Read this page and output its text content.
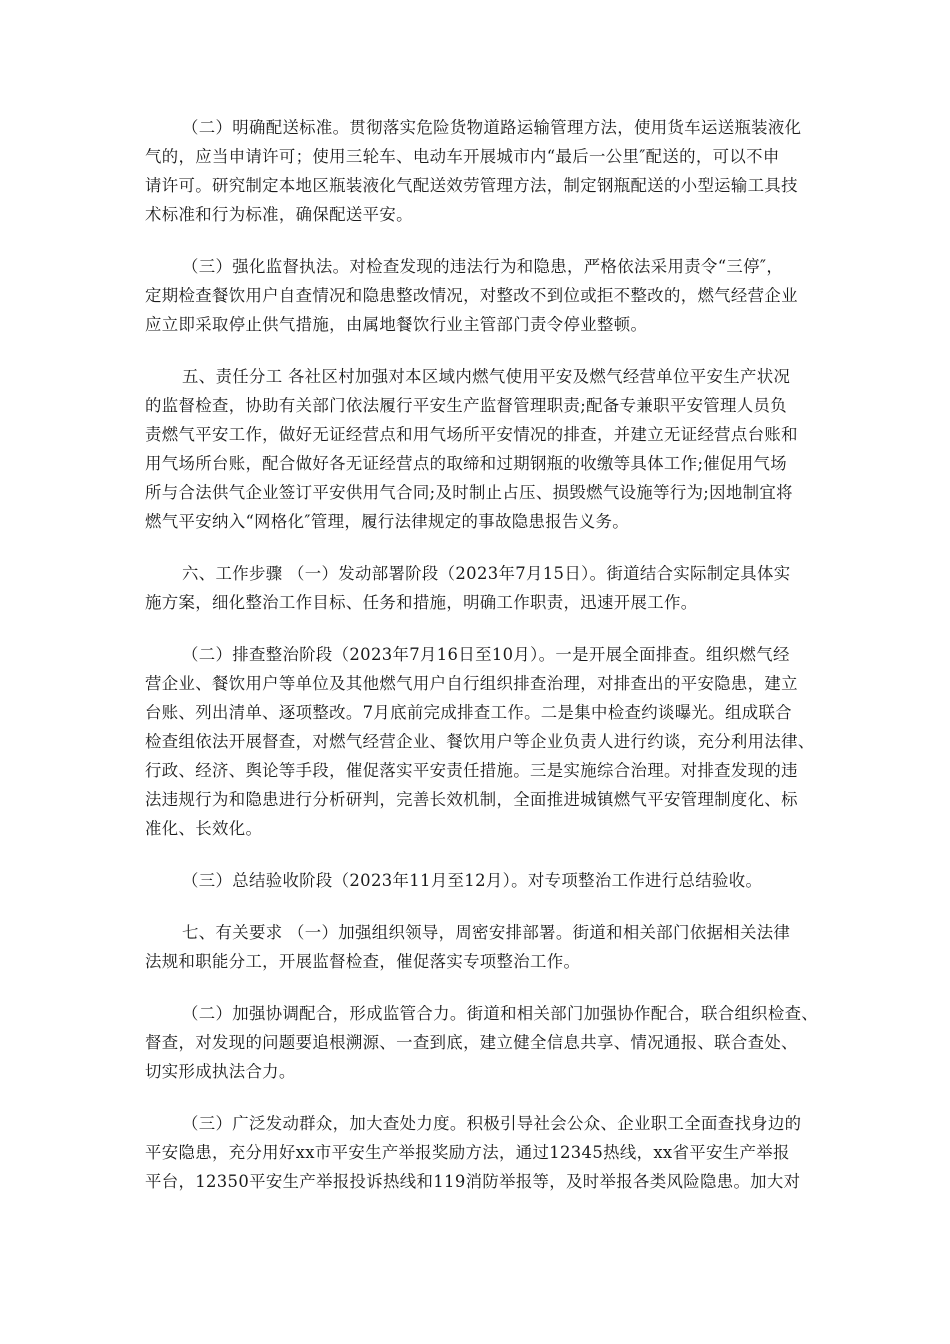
（二）明确配送标准。贯彻落实危险货物道路运输管理方法，使用货车运送瓶装液化
气的，应当申请许可；使用三轮车、电动车开展城市内“最后一公里″配送的，可以不申
请许可。研究制定本地区瓶装液化气配送效劳管理方法，制定钢瓶配送的小型运输工具技
术标准和行为标准，确保配送平安。

（三）强化监督执法。对检查发现的违法行为和隐患，严格依法采用责令“三停″，
定期检查餐饮用户自查情况和隐患整改情况，对整改不到位或拒不整改的，燃气经营企业
应立即采取停止供气措施，由属地餐饮行业主管部门责令停业整顿。

五、责任分工 各社区村加强对本区域内燃气使用平安及燃气经营单位平安生产状况
的监督检查，协助有关部门依法履行平安生产监督管理职责;配备专兼职平安管理人员负
责燃气平安工作，做好无证经营点和用气场所平安情况的排查，并建立无证经营点台账和
用气场所台账，配合做好各无证经营点的取缔和过期钢瓶的收缴等具体工作;催促用气场
所与合法供气企业签订平安供用气合同;及时制止占压、损毁燃气设施等行为;因地制宜将
燃气平安纳入“网格化″管理，履行法律规定的事故隐患报告义务。

六、工作步骤 （一）发动部署阶段（2023年7月15日）。街道结合实际制定具体实
施方案，细化整治工作目标、任务和措施，明确工作职责，迅速开展工作。

（二）排查整治阶段（2023年7月16日至10月）。一是开展全面排查。组织燃气经
营企业、餐饮用户等单位及其他燃气用户自行组织排查治理，对排查出的平安隐患，建立
台账、列出清单、逐项整改。7月底前完成排查工作。二是集中检查约谈曝光。组成联合
检查组依法开展督查，对燃气经营企业、餐饮用户等企业负责人进行约谈，充分利用法律、
行政、经济、舆论等手段，催促落实平安责任措施。三是实施综合治理。对排查发现的违
法违规行为和隐患进行分析研判，完善长效机制，全面推进城镇燃气平安管理制度化、标
准化、长效化。

（三）总结验收阶段（2023年11月至12月）。对专项整治工作进行总结验收。

七、有关要求 （一）加强组织领导，周密安排部署。街道和相关部门依据相关法律
法规和职能分工，开展监督检查，催促落实专项整治工作。

（二）加强协调配合，形成监管合力。街道和相关部门加强协作配合，联合组织检查、
督查，对发现的问题要追根溯源、一查到底，建立健全信息共享、情况通报、联合查处、
切实形成执法合力。

（三）广泛发动群众，加大查处力度。积极引导社会公众、企业职工全面查找身边的
平安隐患，充分用好xx市平安生产举报奖励方法，通过12345热线，xx省平安生产举报
平台，12350平安生产举报投诉热线和119消防举报等，及时举报各类风险隐患。加大对
